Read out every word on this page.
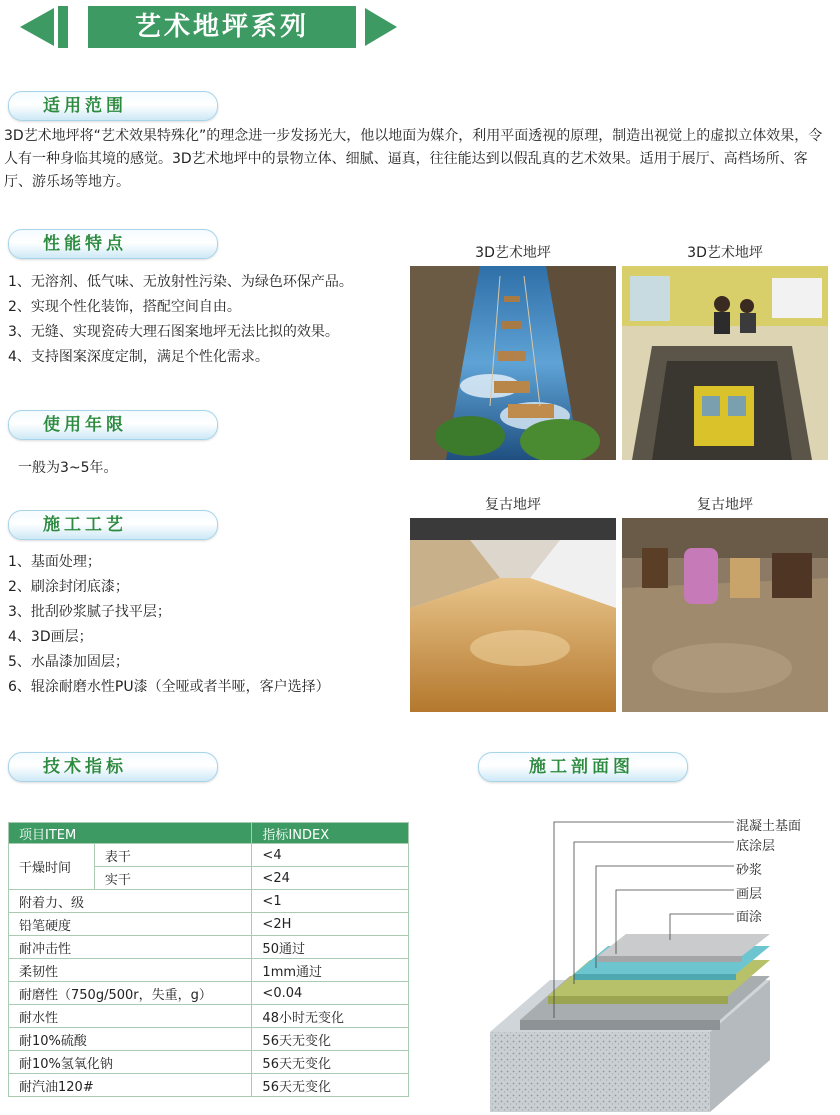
艺术地坪系列
适用范围
3D艺术地坪将“艺术效果特殊化”的理念进一步发扬光大，他以地面为媒介，利用平面透视的原理，制造出视觉上的虚拟立体效果，令人有一种身临其境的感觉。3D艺术地坪中的景物立体、细腻、逼真，往往能达到以假乱真的艺术效果。适用于展厅、高档场所、客厅、游乐场等地方。
性能特点
1、无溶剂、低气味、无放射性污染、为绿色环保产品。
2、实现个性化装饰，搭配空间自由。
3、无缝、实现瓷砖大理石图案地坪无法比拟的效果。
4、支持图案深度定制，满足个性化需求。
使用年限
一般为3~5年。
施工工艺
1、基面处理；
2、刷涂封闭底漆；
3、批刮砂浆腻子找平层；
4、3D画层；
5、水晶漆加固层；
6、辊涂耐磨水性PU漆（全哑或者半哑，客户选择）
3D艺术地坪	3D艺术地坪
复古地坪	复古地坪
技术指标	施工剖面图
项目ITEM		指标INDEX
干燥时间	表干	<4
	实干	<24
附着力、级		<1
铅笔硬度		<2H
耐冲击性		50通过
柔韧性		1mm通过
耐磨性（750g/500r，失重，g）		<0.04
耐水性		48小时无变化
耐10%硫酸		56天无变化
耐10%氢氧化钠		56天无变化
耐汽油120#		56天无变化
混凝土基面
底涂层
砂浆
画层
面涂
